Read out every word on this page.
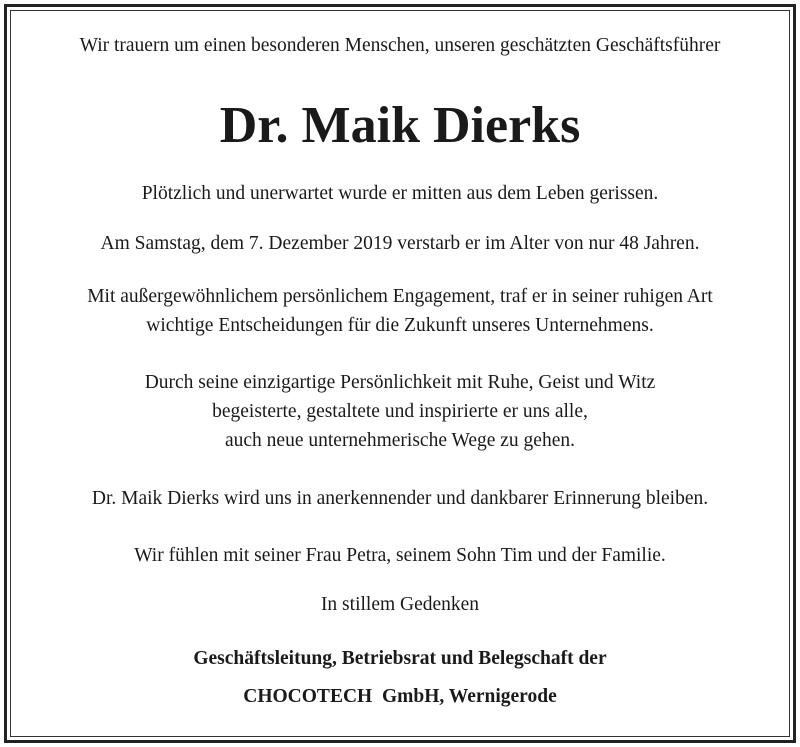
Wir trauern um einen besonderen Menschen, unseren geschätzten Geschäftsführer
Dr. Maik Dierks
Plötzlich und unerwartet wurde er mitten aus dem Leben gerissen.
Am Samstag, dem 7. Dezember 2019 verstarb er im Alter von nur 48 Jahren.
Mit außergewöhnlichem persönlichem Engagement, traf er in seiner ruhigen Art
wichtige Entscheidungen für die Zukunft unseres Unternehmens.
Durch seine einzigartige Persönlichkeit mit Ruhe, Geist und Witz
begeisterte, gestaltete und inspirierte er uns alle,
auch neue unternehmerische Wege zu gehen.
Dr. Maik Dierks wird uns in anerkennender und dankbarer Erinnerung bleiben.
Wir fühlen mit seiner Frau Petra, seinem Sohn Tim und der Familie.
In stillem Gedenken
Geschäftsleitung, Betriebsrat und Belegschaft der
CHOCOTECH  GmbH, Wernigerode
